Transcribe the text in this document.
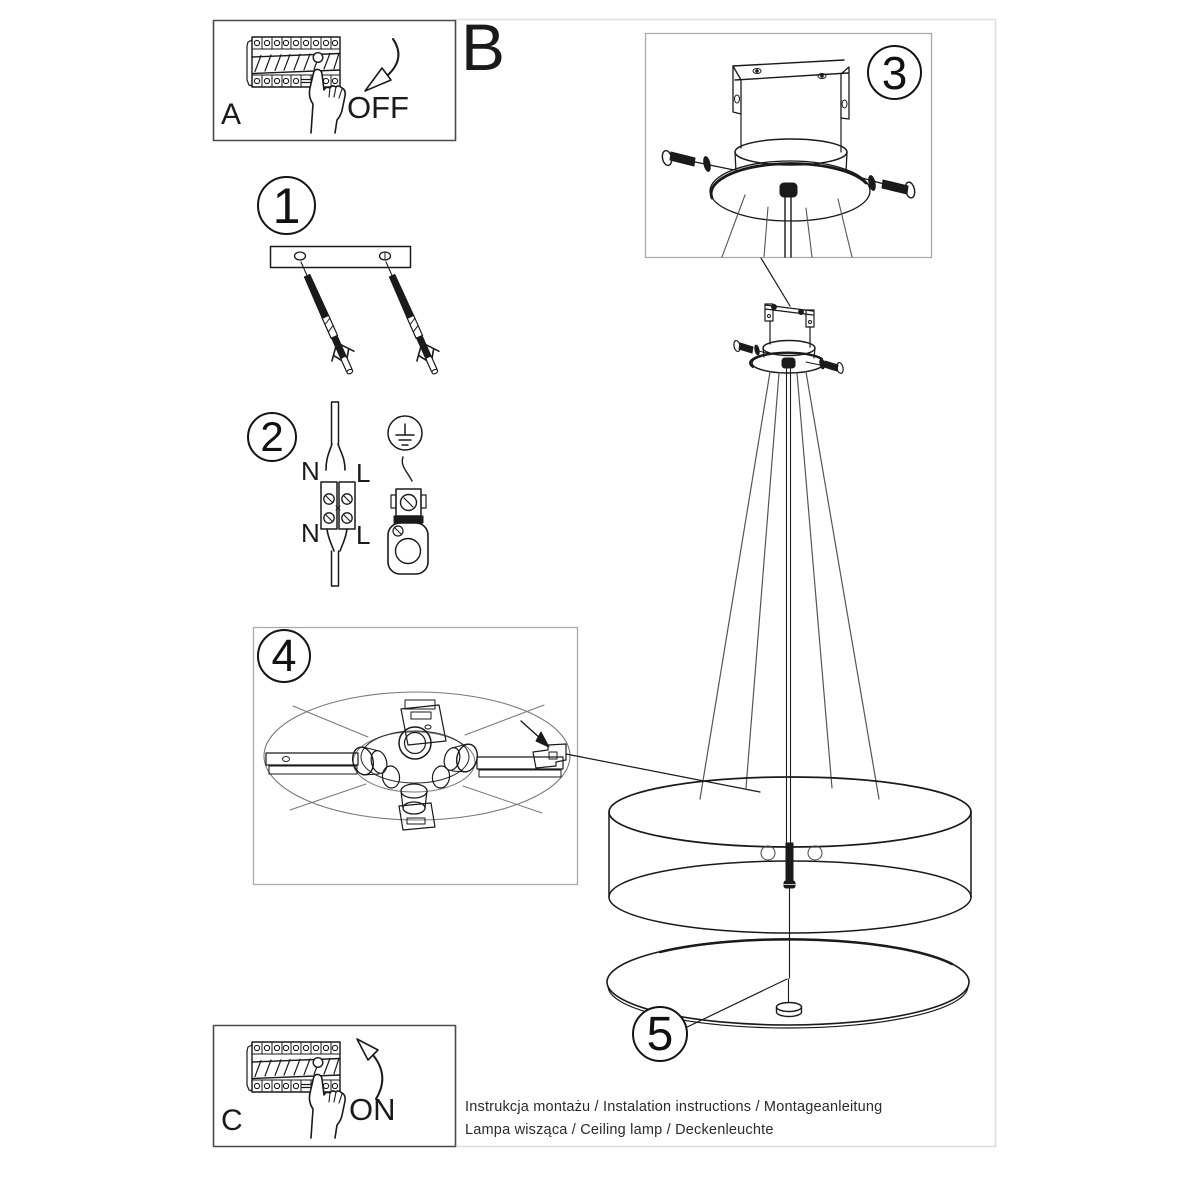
B
A	OFF
C	ON
1
2
3
4
5
N L
N L
Instrukcja montażu / Instalation instructions / Montageanleitung
Lampa wisząca / Ceiling lamp / Deckenleuchte
